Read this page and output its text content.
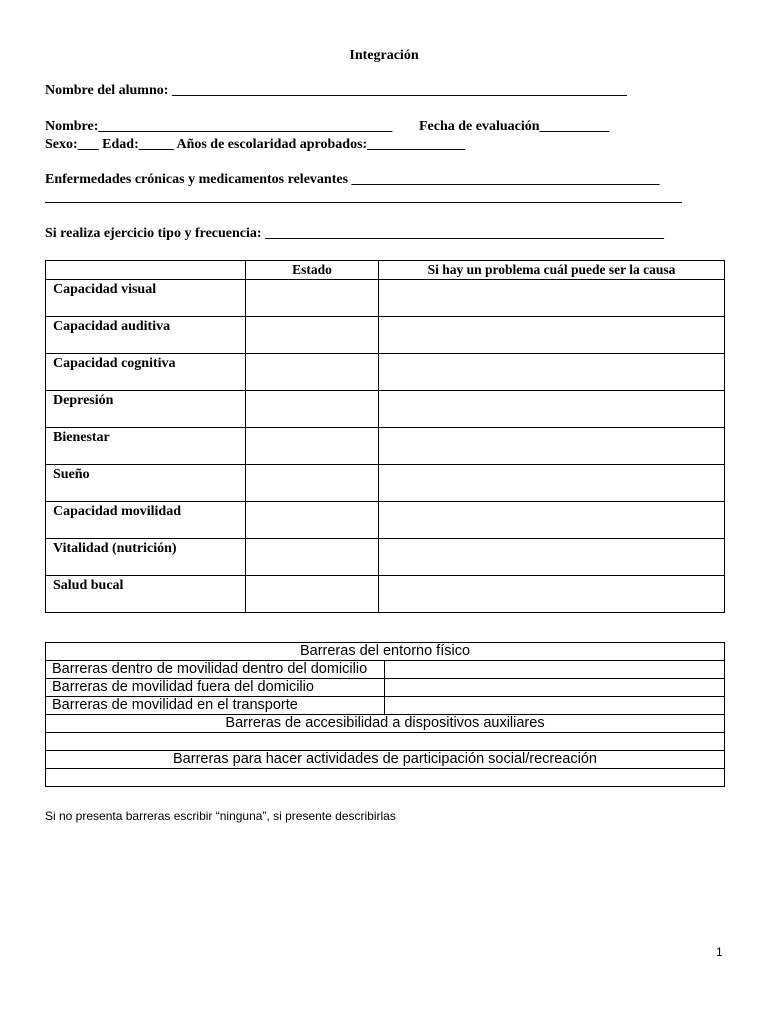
Integración
Nombre del alumno: _________________________________________________________________
Nombre:__________________________________________ Fecha de evaluación__________
Sexo:___ Edad:_____ Años de escolaridad aprobados:______________
Enfermedades crónicas y medicamentos relevantes ____________________________________________
___________________________________________________________________________________________
Si realiza ejercicio tipo y frecuencia: _________________________________________________________
	Estado	Si hay un problema cuál puede ser la causa
Capacidad visual		
Capacidad auditiva		
Capacidad cognitiva		
Depresión		
Bienestar		
Sueño		
Capacidad movilidad		
Vitalidad (nutrición)		
Salud bucal		
Barreras del entorno físico	
Barreras dentro de movilidad dentro del domicilio	
Barreras de movilidad fuera del domicilio	
Barreras de movilidad en el transporte	
Barreras de accesibilidad a dispositivos auxiliares	

Barreras para hacer actividades de participación social/recreación	

Si no presenta barreras escribir “ninguna”, si presente describirlas
1
